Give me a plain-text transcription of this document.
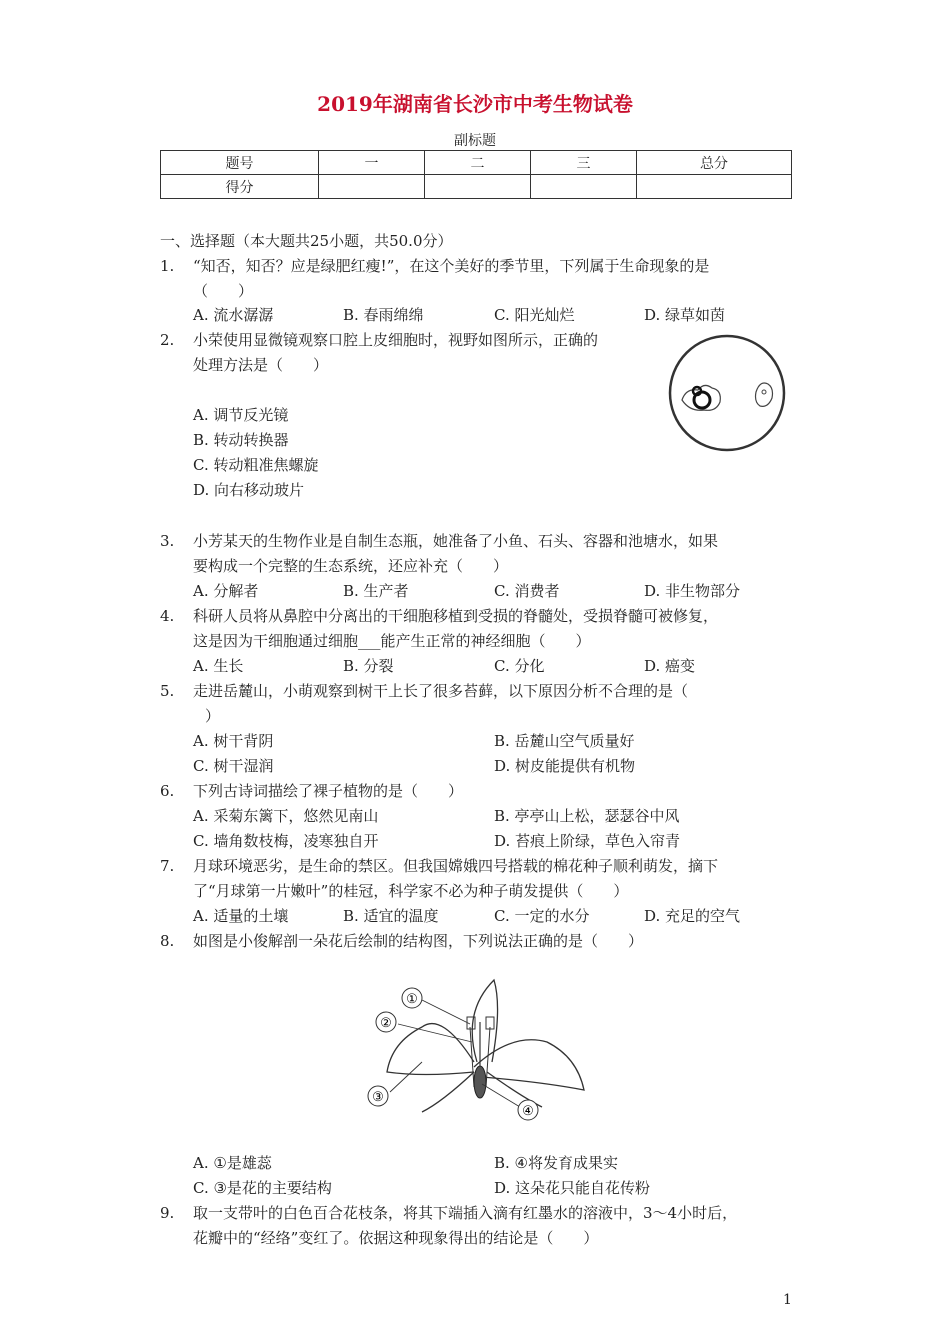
2019年湖南省长沙市中考生物试卷
副标题
题号	一	二	三	总分
得分				
一、选择题（本大题共25小题，共50.0分）
1. “知否，知否？应是绿肥红瘦!”，在这个美好的季节里，下列属于生命现象的是
（　　）
A. 流水潺潺	B. 春雨绵绵	C. 阳光灿烂	D. 绿草如茵
2. 小荣使用显微镜观察口腔上皮细胞时，视野如图所示，正确的
处理方法是（　　）
A. 调节反光镜
B. 转动转换器
C. 转动粗准焦螺旋
D. 向右移动玻片
3. 小芳某天的生物作业是自制生态瓶，她准备了小鱼、石头、容器和池塘水，如果
要构成一个完整的生态系统，还应补充（　　）
A. 分解者	B. 生产者	C. 消费者	D. 非生物部分
4. 科研人员将从鼻腔中分离出的干细胞移植到受损的脊髓处，受损脊髓可被修复，
这是因为干细胞通过细胞___能产生正常的神经细胞（　　）
A. 生长	B. 分裂	C. 分化	D. 癌变
5. 走进岳麓山，小萌观察到树干上长了很多苔藓，以下原因分析不合理的是（
）
A. 树干背阴	B. 岳麓山空气质量好
C. 树干湿润	D. 树皮能提供有机物
6. 下列古诗词描绘了裸子植物的是（　　）
A. 采菊东篱下，悠然见南山	B. 亭亭山上松，瑟瑟谷中风
C. 墙角数枝梅，凌寒独自开	D. 苔痕上阶绿，草色入帘青
7. 月球环境恶劣，是生命的禁区。但我国嫦娥四号搭载的棉花种子顺利萌发，摘下
了“月球第一片嫩叶”的桂冠，科学家不必为种子萌发提供（　　）
A. 适量的土壤	B. 适宜的温度	C. 一定的水分	D. 充足的空气
8. 如图是小俊解剖一朵花后绘制的结构图，下列说法正确的是（　　）
①
②
③
④
A. ①是雄蕊	B. ④将发育成果实
C. ③是花的主要结构	D. 这朵花只能自花传粉
9. 取一支带叶的白色百合花枝条，将其下端插入滴有红墨水的溶液中，3～4小时后，
花瓣中的“经络”变红了。依据这种现象得出的结论是（　　）
1
